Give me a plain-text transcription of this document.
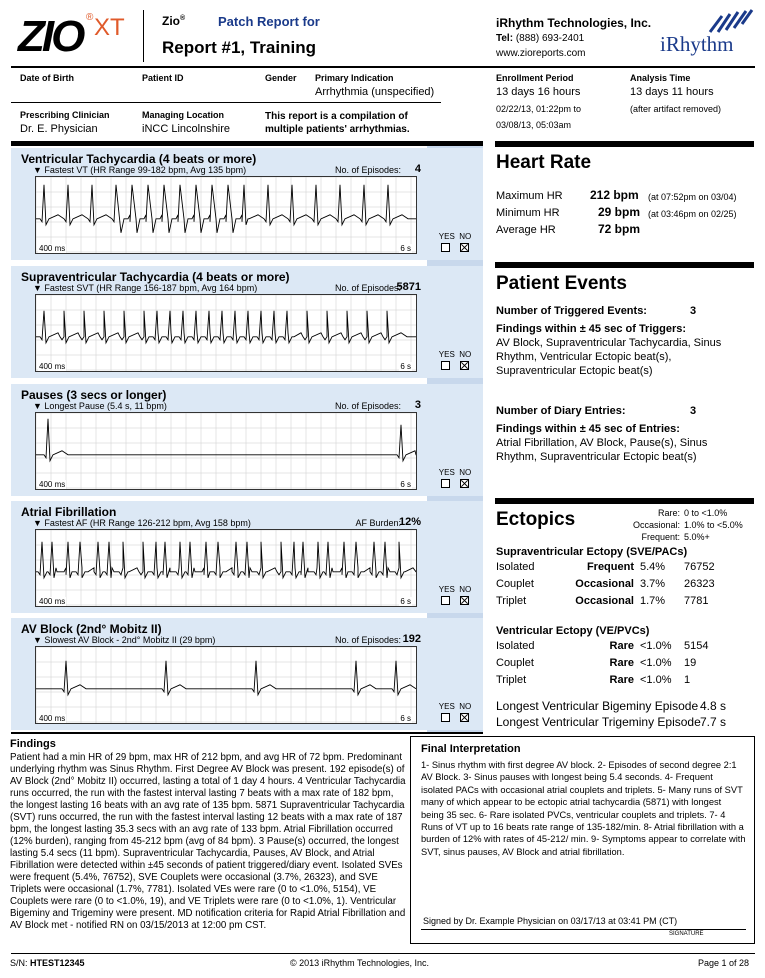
ZIO ® XT	Zio®	Patch Report for
Report #1, Training
iRhythm Technologies, Inc.
Tel: (888) 693-2401
www.zioreports.com	iRhythm
Date of Birth	Patient ID	Gender Primary Indication
Arrhythmia (unspecified)
Prescribing Clinician
Dr. E. Physician
Managing Location
iNCC Lincolnshire
This report is a compilation of multiple patients' arrhythmias.
Enrollment Period
13 days 16 hours
02/22/13, 01:22pm to
03/08/13, 05:03am
Analysis Time
13 days 11 hours
(after artifact removed)
Ventricular Tachycardia (4 beats or more)
▼ Fastest VT (HR Range 99-182 bpm, Avg 135 bpm)	No. of Episodes:	4
400 ms	6 s
YES NO
Supraventricular Tachycardia (4 beats or more)
▼ Fastest SVT (HR Range 156-187 bpm, Avg 164 bpm)	No. of Episodes:
5871
400 ms	6 s
YES NO
Pauses (3 secs or longer)
▼ Longest Pause (5.4 s, 11 bpm)	No. of Episodes:	3
400 ms	6 s
YES NO
Atrial Fibrillation
▼ Fastest AF (HR Range 126-212 bpm, Avg 158 bpm)	AF Burden:
12%
400 ms	6 s
YES NO
AV Block (2nd° Mobitz II)
▼ Slowest AV Block - 2nd° Mobitz II (29 bpm)	No. of Episodes: 192
400 ms	6 s
YES NO
Heart Rate
Maximum HR 212 bpm (at 07:52pm on 03/04)
Minimum HR	29 bpm (at 03:46pm on 02/25)
Average HR	72 bpm
Patient Events
Number of Triggered Events:	3
Findings within ± 45 sec of Triggers:
AV Block, Supraventricular Tachycardia, Sinus Rhythm, Ventricular Ectopic beat(s), Supraventricular Ectopic beat(s)
Number of Diary Entries:	3
Findings within ± 45 sec of Entries:
Atrial Fibrillation, AV Block, Pause(s), Sinus Rhythm, Supraventricular Ectopic beat(s)
Ectopics	Rare: 0 to <1.0%
Occasional: 1.0% to <5.0%
Frequent: 5.0%+
Supraventricular Ectopy (SVE/PACs)
Isolated	Frequent 5.4% 76752
Couplet	Occasional 3.7% 26323
Triplet	Occasional 1.7% 7781
Ventricular Ectopy (VE/PVCs)
Isolated	Rare <1.0% 5154
Couplet	Rare <1.0% 19
Triplet	Rare <1.0% 1
Longest Ventricular Bigeminy Episode 4.8 s
Longest Ventricular Trigeminy Episode 7.7 s
Findings
Patient had a min HR of 29 bpm, max HR of 212 bpm, and avg HR of 72 bpm. Predominant underlying rhythm was Sinus Rhythm. First Degree AV Block was present. 192 episode(s) of AV Block (2nd° Mobitz II) occurred, lasting a total of 1 day 4 hours. 4 Ventricular Tachycardia runs occurred, the run with the fastest interval lasting 7 beats with a max rate of 182 bpm, the longest lasting 16 beats with an avg rate of 135 bpm. 5871 Supraventricular Tachycardia (SVT) runs occurred, the run with the fastest interval lasting 12 beats with a max rate of 187 bpm, the longest lasting 35.3 secs with an avg rate of 133 bpm. Atrial Fibrillation occurred (12% burden), ranging from 45-212 bpm (avg of 84 bpm). 3 Pause(s) occurred, the longest lasting 5.4 secs (11 bpm). Supraventricular Tachycardia, Pauses, AV Block, and Atrial Fibrillation were detected within ±45 seconds of patient triggered/diary event. Isolated SVEs were frequent (5.4%, 76752), SVE Couplets were occasional (3.7%, 26323), and SVE Triplets were occasional (1.7%, 7781). Isolated VEs were rare (0 to <1.0%, 5154), VE Couplets were rare (0 to <1.0%, 19), and VE Triplets were rare (0 to <1.0%, 1). Ventricular Bigeminy and Trigeminy were present. MD notification criteria for Rapid Atrial Fibrillation and AV Block met - notified RN on 03/15/2013 at 12:00 pm CST.
Final Interpretation
1- Sinus rhythm with first degree AV block. 2- Episodes of second degree 2:1 AV Block. 3- Sinus pauses with longest being 5.4 seconds. 4- Frequent isolated PACs with occasional atrial couplets and triplets. 5- Many runs of SVT many of which appear to be ectopic atrial tachycardia (5871) with longest being 35 sec. 6- Rare isolated PVCs, ventricular couplets and triplets. 7- 4 Runs of VT up to 16 beats rate range of 135-182/min. 8- Atrial fibrillation with a burden of 12% with rates of 45-212/ min. 9- Symptoms appear to correlate with SVT, sinus pauses, AV Block and atrial fibrillation.
Signed by Dr. Example Physician on 03/17/13 at 03:41 PM (CT)
SIGNATURE
S/N: HTEST12345	© 2013 iRhythm Technologies, Inc.	Page 1 of 28
